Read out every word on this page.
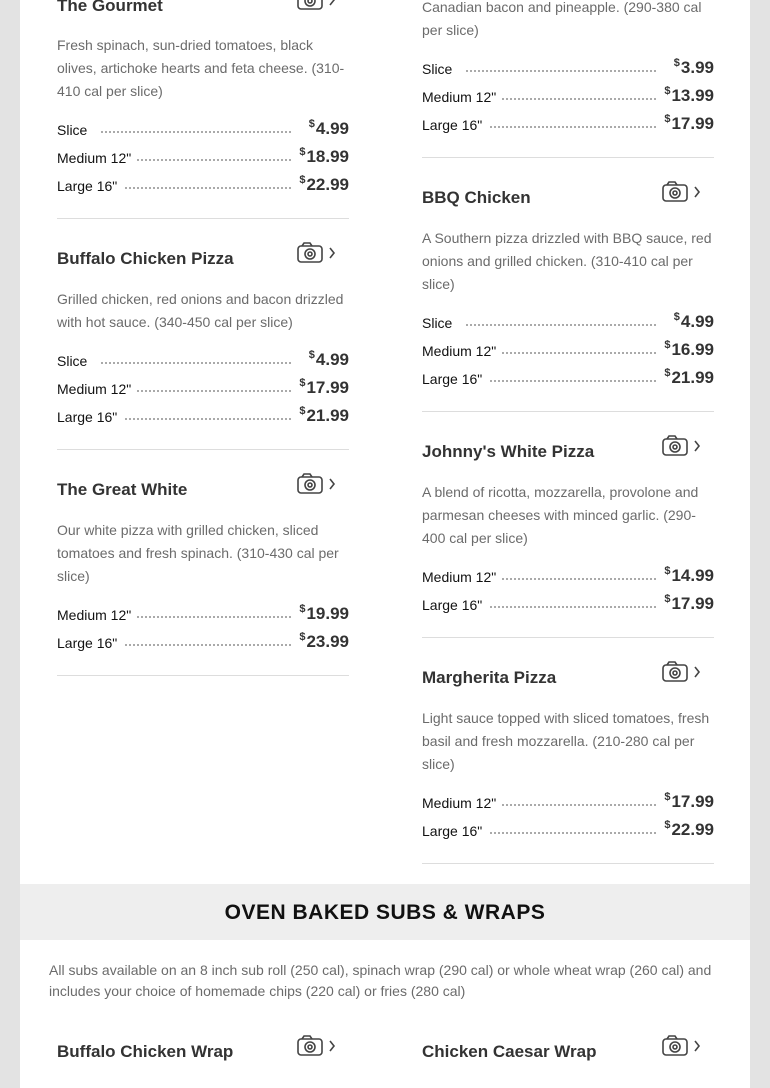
The Gourmet
Fresh spinach, sun-dried tomatoes, black olives, artichoke hearts and feta cheese. (310-410 cal per slice)
Slice	$4.99
Medium 12"	$18.99
Large 16"	$22.99
Buffalo Chicken Pizza
Grilled chicken, red onions and bacon drizzled with hot sauce. (340-450 cal per slice)
Slice	$4.99
Medium 12"	$17.99
Large 16"	$21.99
The Great White
Our white pizza with grilled chicken, sliced tomatoes and fresh spinach. (310-430 cal per slice)
Medium 12"	$19.99
Large 16"	$23.99
Buffalo Chicken Wrap
Canadian bacon and pineapple. (290-380 cal per slice)
Slice	$3.99
Medium 12"	$13.99
Large 16"	$17.99
BBQ Chicken
A Southern pizza drizzled with BBQ sauce, red onions and grilled chicken. (310-410 cal per slice)
Slice	$4.99
Medium 12"	$16.99
Large 16"	$21.99
Johnny's White Pizza
A blend of ricotta, mozzarella, provolone and parmesan cheeses with minced garlic. (290-400 cal per slice)
Medium 12"	$14.99
Large 16"	$17.99
Margherita Pizza
Light sauce topped with sliced tomatoes, fresh basil and fresh mozzarella. (210-280 cal per slice)
Medium 12"	$17.99
Large 16"	$22.99
Chicken Caesar Wrap
OVEN BAKED SUBS & WRAPS
All subs available on an 8 inch sub roll (250 cal), spinach wrap (290 cal) or whole wheat wrap (260 cal) and includes your choice of homemade chips (220 cal) or fries (280 cal)
